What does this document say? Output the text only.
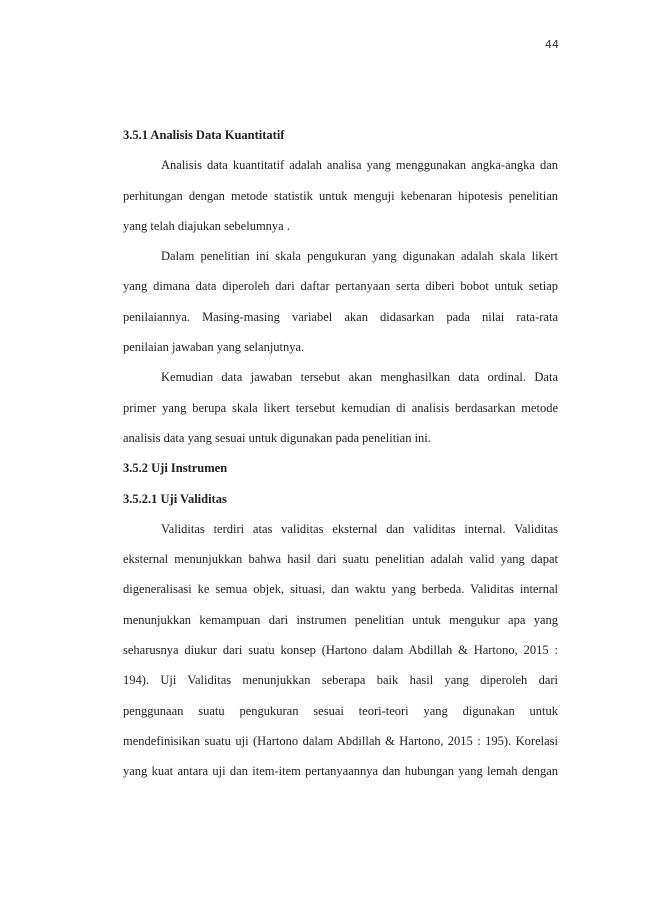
44
3.5.1 Analisis Data Kuantitatif

Analisis data kuantitatif adalah analisa yang menggunakan angka-angka dan
perhitungan dengan metode statistik untuk menguji kebenaran hipotesis penelitian
yang telah diajukan sebelumnya .

Dalam penelitian ini skala pengukuran yang digunakan adalah skala likert
yang dimana data diperoleh dari daftar pertanyaan serta diberi bobot untuk setiap
penilaiannya. Masing-masing variabel akan didasarkan pada nilai rata-rata
penilaian jawaban yang selanjutnya.

Kemudian data jawaban tersebut akan menghasilkan data ordinal. Data
primer yang berupa skala likert tersebut kemudian di analisis berdasarkan metode
analisis data yang sesuai untuk digunakan pada penelitian ini.

3.5.2 Uji Instrumen
3.5.2.1 Uji Validitas

Validitas terdiri atas validitas eksternal dan validitas internal. Validitas
eksternal menunjukkan bahwa hasil dari suatu penelitian adalah valid yang dapat
digeneralisasi ke semua objek, situasi, dan waktu yang berbeda. Validitas internal
menunjukkan kemampuan dari instrumen penelitian untuk mengukur apa yang
seharusnya diukur dari suatu konsep (Hartono dalam Abdillah & Hartono, 2015 :
194). Uji Validitas menunjukkan seberapa baik hasil yang diperoleh dari
penggunaan suatu pengukuran sesuai teori-teori yang digunakan untuk
mendefinisikan suatu uji (Hartono dalam Abdillah & Hartono, 2015 : 195). Korelasi
yang kuat antara uji dan item-item pertanyaannya dan hubungan yang lemah dengan
